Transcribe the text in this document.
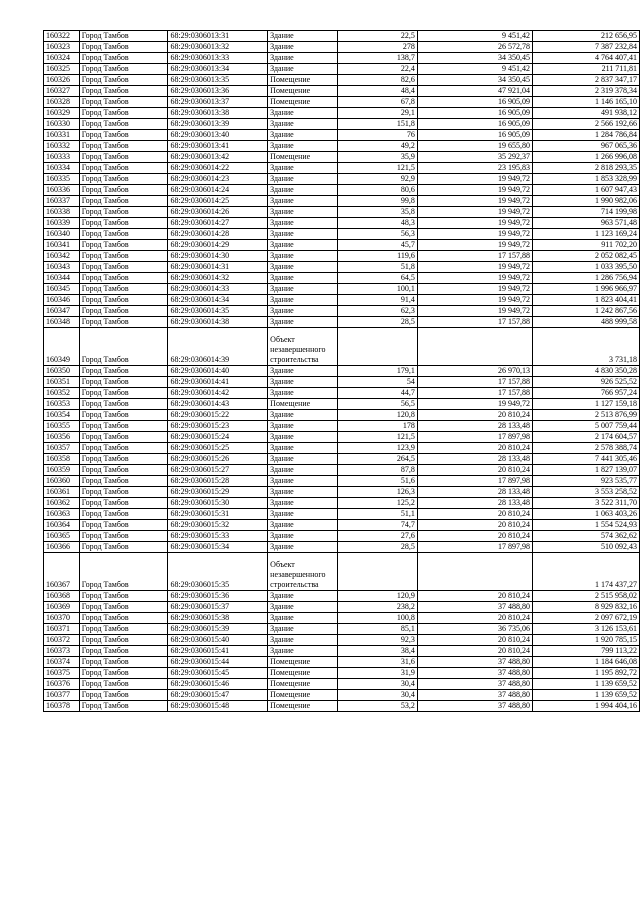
160322	Город Тамбов	68:29:0306013:31	Здание	22,5	9 451,42	212 656,95
160323	Город Тамбов	68:29:0306013:32	Здание	278	26 572,78	7 387 232,84
160324	Город Тамбов	68:29:0306013:33	Здание	138,7	34 350,45	4 764 407,41
160325	Город Тамбов	68:29:0306013:34	Здание	22,4	9 451,42	211 711,81
160326	Город Тамбов	68:29:0306013:35	Помещение	82,6	34 350,45	2 837 347,17
160327	Город Тамбов	68:29:0306013:36	Помещение	48,4	47 921,04	2 319 378,34
160328	Город Тамбов	68:29:0306013:37	Помещение	67,8	16 905,09	1 146 165,10
160329	Город Тамбов	68:29:0306013:38	Здание	29,1	16 905,09	491 938,12
160330	Город Тамбов	68:29:0306013:39	Здание	151,8	16 905,09	2 566 192,66
160331	Город Тамбов	68:29:0306013:40	Здание	76	16 905,09	1 284 786,84
160332	Город Тамбов	68:29:0306013:41	Здание	49,2	19 655,80	967 065,36
160333	Город Тамбов	68:29:0306013:42	Помещение	35,9	35 292,37	1 266 996,08
160334	Город Тамбов	68:29:0306014:22	Здание	121,5	23 195,83	2 818 293,35
160335	Город Тамбов	68:29:0306014:23	Здание	92,9	19 949,72	1 853 328,99
160336	Город Тамбов	68:29:0306014:24	Здание	80,6	19 949,72	1 607 947,43
160337	Город Тамбов	68:29:0306014:25	Здание	99,8	19 949,72	1 990 982,06
160338	Город Тамбов	68:29:0306014:26	Здание	35,8	19 949,72	714 199,98
160339	Город Тамбов	68:29:0306014:27	Здание	48,3	19 949,72	963 571,48
160340	Город Тамбов	68:29:0306014:28	Здание	56,3	19 949,72	1 123 169,24
160341	Город Тамбов	68:29:0306014:29	Здание	45,7	19 949,72	911 702,20
160342	Город Тамбов	68:29:0306014:30	Здание	119,6	17 157,88	2 052 082,45
160343	Город Тамбов	68:29:0306014:31	Здание	51,8	19 949,72	1 033 395,50
160344	Город Тамбов	68:29:0306014:32	Здание	64,5	19 949,72	1 286 756,94
160345	Город Тамбов	68:29:0306014:33	Здание	100,1	19 949,72	1 996 966,97
160346	Город Тамбов	68:29:0306014:34	Здание	91,4	19 949,72	1 823 404,41
160347	Город Тамбов	68:29:0306014:35	Здание	62,3	19 949,72	1 242 867,56
160348	Город Тамбов	68:29:0306014:38	Здание	28,5	17 157,88	488 999,58
160349	Город Тамбов	68:29:0306014:39	Объект незавершенного строительства			3 731,18
160350	Город Тамбов	68:29:0306014:40	Здание	179,1	26 970,13	4 830 350,28
160351	Город Тамбов	68:29:0306014:41	Здание	54	17 157,88	926 525,52
160352	Город Тамбов	68:29:0306014:42	Здание	44,7	17 157,88	766 957,24
160353	Город Тамбов	68:29:0306014:43	Помещение	56,5	19 949,72	1 127 159,18
160354	Город Тамбов	68:29:0306015:22	Здание	120,8	20 810,24	2 513 876,99
160355	Город Тамбов	68:29:0306015:23	Здание	178	28 133,48	5 007 759,44
160356	Город Тамбов	68:29:0306015:24	Здание	121,5	17 897,98	2 174 604,57
160357	Город Тамбов	68:29:0306015:25	Здание	123,9	20 810,24	2 578 388,74
160358	Город Тамбов	68:29:0306015:26	Здание	264,5	28 133,48	7 441 305,46
160359	Город Тамбов	68:29:0306015:27	Здание	87,8	20 810,24	1 827 139,07
160360	Город Тамбов	68:29:0306015:28	Здание	51,6	17 897,98	923 535,77
160361	Город Тамбов	68:29:0306015:29	Здание	126,3	28 133,48	3 553 258,52
160362	Город Тамбов	68:29:0306015:30	Здание	125,2	28 133,48	3 522 311,70
160363	Город Тамбов	68:29:0306015:31	Здание	51,1	20 810,24	1 063 403,26
160364	Город Тамбов	68:29:0306015:32	Здание	74,7	20 810,24	1 554 524,93
160365	Город Тамбов	68:29:0306015:33	Здание	27,6	20 810,24	574 362,62
160366	Город Тамбов	68:29:0306015:34	Здание	28,5	17 897,98	510 092,43
160367	Город Тамбов	68:29:0306015:35	Объект незавершенного строительства			1 174 437,27
160368	Город Тамбов	68:29:0306015:36	Здание	120,9	20 810,24	2 515 958,02
160369	Город Тамбов	68:29:0306015:37	Здание	238,2	37 488,80	8 929 832,16
160370	Город Тамбов	68:29:0306015:38	Здание	100,8	20 810,24	2 097 672,19
160371	Город Тамбов	68:29:0306015:39	Здание	85,1	36 735,06	3 126 153,61
160372	Город Тамбов	68:29:0306015:40	Здание	92,3	20 810,24	1 920 785,15
160373	Город Тамбов	68:29:0306015:41	Здание	38,4	20 810,24	799 113,22
160374	Город Тамбов	68:29:0306015:44	Помещение	31,6	37 488,80	1 184 646,08
160375	Город Тамбов	68:29:0306015:45	Помещение	31,9	37 488,80	1 195 892,72
160376	Город Тамбов	68:29:0306015:46	Помещение	30,4	37 488,80	1 139 659,52
160377	Город Тамбов	68:29:0306015:47	Помещение	30,4	37 488,80	1 139 659,52
160378	Город Тамбов	68:29:0306015:48	Помещение	53,2	37 488,80	1 994 404,16
